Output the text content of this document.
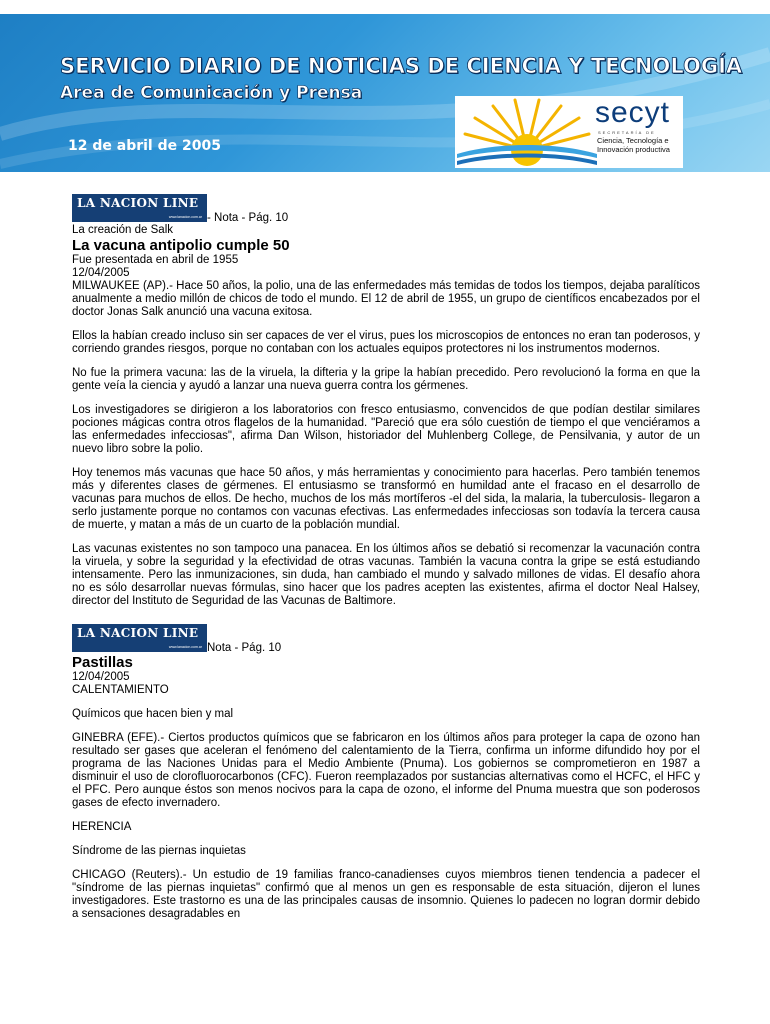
SERVICIO DIARIO DE NOTICIAS DE CIENCIA Y TECNOLOGÍA
Area de Comunicación y Prensa
12 de abril de 2005
secyt
SECRETARÍA DE
Ciencia, Tecnología e
Innovación productiva
LA NACION LINE
www.lanacion.com.ar - Nota - Pág. 10
La creación de Salk
La vacuna antipolio cumple 50
Fue presentada en abril de 1955
12/04/2005

MILWAUKEE (AP).- Hace 50 años, la polio, una de las enfermedades más temidas de todos los tiempos, dejaba paralíticos anualmente a medio millón de chicos de todo el mundo. El 12 de abril de 1955, un grupo de científicos encabezados por el doctor Jonas Salk anunció una vacuna exitosa.

Ellos la habían creado incluso sin ser capaces de ver el virus, pues los microscopios de entonces no eran tan poderosos, y corriendo grandes riesgos, porque no contaban con los actuales equipos protectores ni los instrumentos modernos.

No fue la primera vacuna: las de la viruela, la difteria y la gripe la habían precedido. Pero revolucionó la forma en que la gente veía la ciencia y ayudó a lanzar una nueva guerra contra los gérmenes.

Los investigadores se dirigieron a los laboratorios con fresco entusiasmo, convencidos de que podían destilar similares pociones mágicas contra otros flagelos de la humanidad. "Pareció que era sólo cuestión de tiempo el que venciéramos a las enfermedades infecciosas", afirma Dan Wilson, historiador del Muhlenberg College, de Pensilvania, y autor de un nuevo libro sobre la polio.

Hoy tenemos más vacunas que hace 50 años, y más herramientas y conocimiento para hacerlas. Pero también tenemos más y diferentes clases de gérmenes. El entusiasmo se transformó en humildad ante el fracaso en el desarrollo de vacunas para muchos de ellos. De hecho, muchos de los más mortíferos -el del sida, la malaria, la tuberculosis- llegaron a serlo justamente porque no contamos con vacunas efectivas. Las enfermedades infecciosas son todavía la tercera causa de muerte, y matan a más de un cuarto de la población mundial.

Las vacunas existentes no son tampoco una panacea. En los últimos años se debatió si recomenzar la vacunación contra la viruela, y sobre la seguridad y la efectividad de otras vacunas. También la vacuna contra la gripe se está estudiando intensamente. Pero las inmunizaciones, sin duda, han cambiado el mundo y salvado millones de vidas. El desafío ahora no es sólo desarrollar nuevas fórmulas, sino hacer que los padres acepten las existentes, afirma el doctor Neal Halsey, director del Instituto de Seguridad de las Vacunas de Baltimore.

LA NACION LINE
www.lanacion.com.ar Nota - Pág. 10
Pastillas
12/04/2005
CALENTAMIENTO

Químicos que hacen bien y mal

GINEBRA (EFE).- Ciertos productos químicos que se fabricaron en los últimos años para proteger la capa de ozono han resultado ser gases que aceleran el fenómeno del calentamiento de la Tierra, confirma un informe difundido hoy por el programa de las Naciones Unidas para el Medio Ambiente (Pnuma). Los gobiernos se comprometieron en 1987 a disminuir el uso de clorofluorocarbonos (CFC). Fueron reemplazados por sustancias alternativas como el HCFC, el HFC y el PFC. Pero aunque éstos son menos nocivos para la capa de ozono, el informe del Pnuma muestra que son poderosos gases de efecto invernadero.

HERENCIA

Síndrome de las piernas inquietas

CHICAGO (Reuters).- Un estudio de 19 familias franco-canadienses cuyos miembros tienen tendencia a padecer el "síndrome de las piernas inquietas" confirmó que al menos un gen es responsable de esta situación, dijeron el lunes investigadores. Este trastorno es una de las principales causas de insomnio. Quienes lo padecen no logran dormir debido a sensaciones desagradables en
